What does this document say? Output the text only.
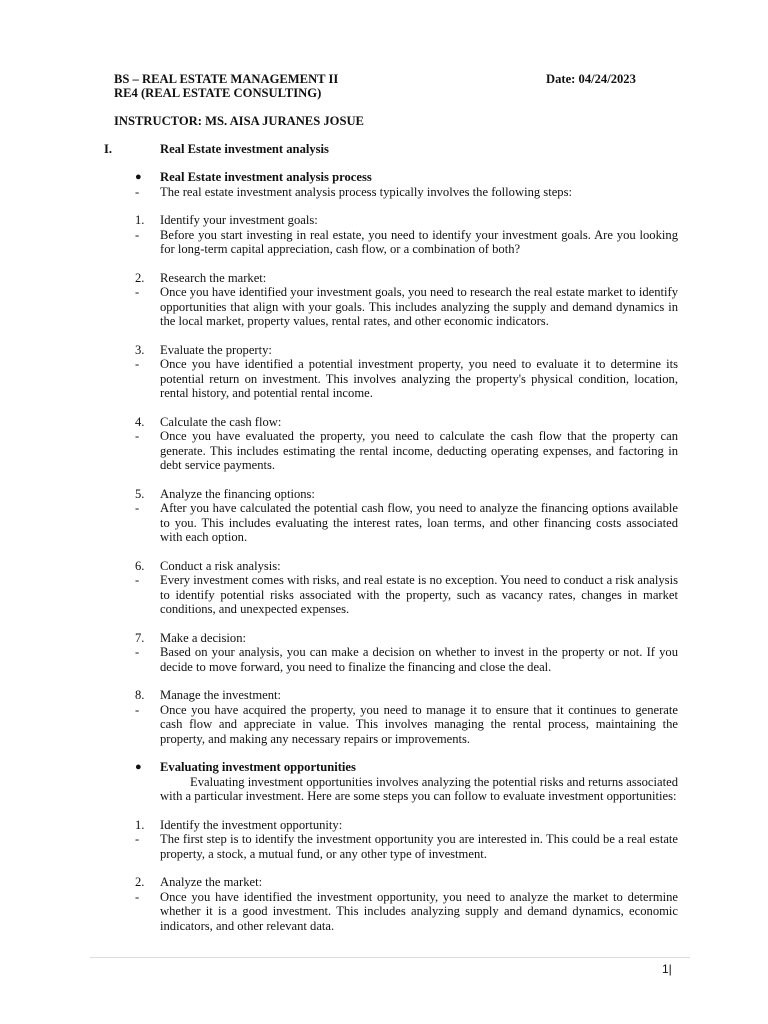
BS – REAL ESTATE MANAGEMENT II	Date: 04/24/2023
RE4 (REAL ESTATE CONSULTING)
INSTRUCTOR: MS. AISA JURANES JOSUE
I.	Real Estate investment analysis
● Real Estate investment analysis process
- The real estate investment analysis process typically involves the following steps:
1. Identify your investment goals:
- Before you start investing in real estate, you need to identify your investment goals. Are you looking for long-term capital appreciation, cash flow, or a combination of both?
2. Research the market:
- Once you have identified your investment goals, you need to research the real estate market to identify opportunities that align with your goals. This includes analyzing the supply and demand dynamics in the local market, property values, rental rates, and other economic indicators.
3. Evaluate the property:
- Once you have identified a potential investment property, you need to evaluate it to determine its potential return on investment. This involves analyzing the property's physical condition, location, rental history, and potential rental income.
4. Calculate the cash flow:
- Once you have evaluated the property, you need to calculate the cash flow that the property can generate. This includes estimating the rental income, deducting operating expenses, and factoring in debt service payments.
5. Analyze the financing options:
- After you have calculated the potential cash flow, you need to analyze the financing options available to you. This includes evaluating the interest rates, loan terms, and other financing costs associated with each option.
6. Conduct a risk analysis:
- Every investment comes with risks, and real estate is no exception. You need to conduct a risk analysis to identify potential risks associated with the property, such as vacancy rates, changes in market conditions, and unexpected expenses.
7. Make a decision:
- Based on your analysis, you can make a decision on whether to invest in the property or not. If you decide to move forward, you need to finalize the financing and close the deal.
8. Manage the investment:
- Once you have acquired the property, you need to manage it to ensure that it continues to generate cash flow and appreciate in value. This involves managing the rental process, maintaining the property, and making any necessary repairs or improvements.
● Evaluating investment opportunities
Evaluating investment opportunities involves analyzing the potential risks and returns associated with a particular investment. Here are some steps you can follow to evaluate investment opportunities:
1. Identify the investment opportunity:
- The first step is to identify the investment opportunity you are interested in. This could be a real estate property, a stock, a mutual fund, or any other type of investment.
2. Analyze the market:
- Once you have identified the investment opportunity, you need to analyze the market to determine whether it is a good investment. This includes analyzing supply and demand dynamics, economic indicators, and other relevant data.
1|
